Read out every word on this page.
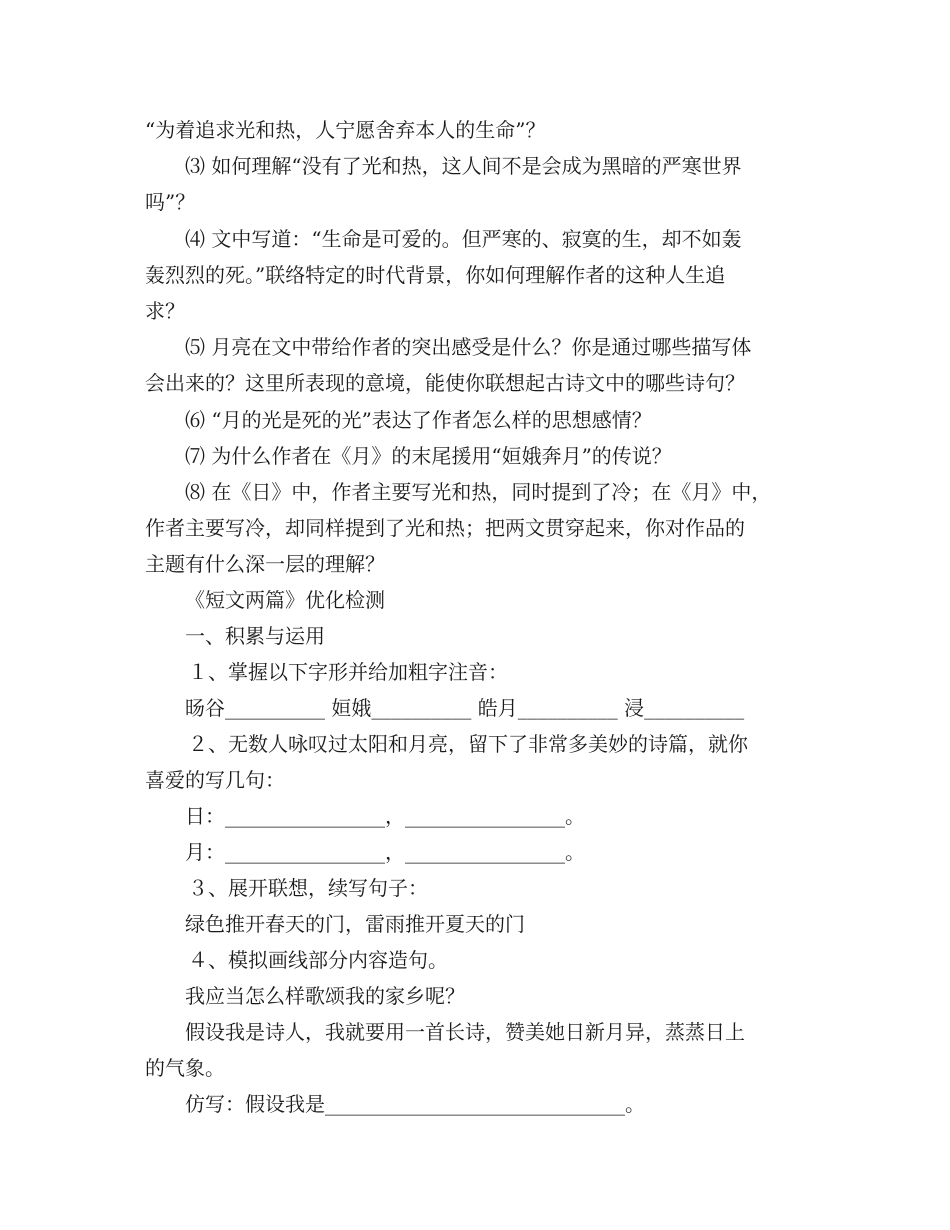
“为着追求光和热，人宁愿舍弃本人的生命”？
⑶ 如何理解“没有了光和热，这人间不是会成为黑暗的严寒世界
吗”？
⑷ 文中写道：“生命是可爱的。但严寒的、寂寞的生，却不如轰
轰烈烈的死。”联络特定的时代背景，你如何理解作者的这种人生追
求？
⑸ 月亮在文中带给作者的突出感受是什么？你是通过哪些描写体
会出来的？这里所表现的意境，能使你联想起古诗文中的哪些诗句？
⑹ “月的光是死的光”表达了作者怎么样的思想感情？
⑺ 为什么作者在《月》的末尾援用“姮娥奔月”的传说？
⑻ 在《日》中，作者主要写光和热，同时提到了冷；在《月》中，
作者主要写冷，却同样提到了光和热；把两文贯穿起来，你对作品的
主题有什么深一层的理解？
《短文两篇》优化检测
一、积累与运用
１、掌握以下字形并给加粗字注音：
旸谷__________ 姮娥__________ 皓月__________ 浸__________
２、无数人咏叹过太阳和月亮，留下了非常多美妙的诗篇，就你
喜爱的写几句：
日：________________，________________。
月：________________，________________。
３、展开联想，续写句子：
绿色推开春天的门，雷雨推开夏天的门
４、模拟画线部分内容造句。
我应当怎么样歌颂我的家乡呢？
假设我是诗人，我就要用一首长诗，赞美她日新月异，蒸蒸日上
的气象。
仿写：假设我是______________________________。
